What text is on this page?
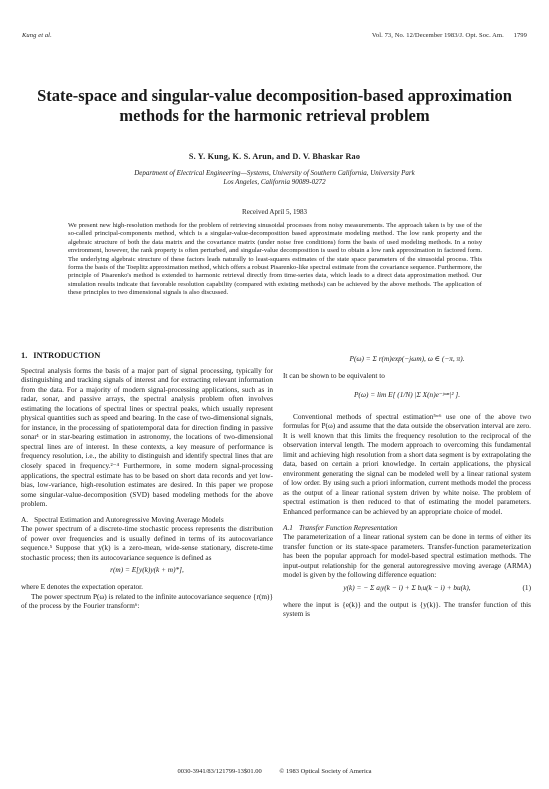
Kung et al.	Vol. 73, No. 12/December 1983/J. Opt. Soc. Am. 1799
State-space and singular-value decomposition-based approximation methods for the harmonic retrieval problem
S. Y. Kung, K. S. Arun, and D. V. Bhaskar Rao
Department of Electrical Engineering—Systems, University of Southern California, University Park
Los Angeles, California 90089-0272
Received April 5, 1983
We present new high-resolution methods for the problem of retrieving sinusoidal processes from noisy measurements. The approach taken is by use of the so-called principal-components method, which is a singular-value-decomposition based approximate modeling method. The low rank property and the algebraic structure of both the data matrix and the covariance matrix (under noise free conditions) form the basis of used modeling methods. In a noisy environment, however, the rank property is often perturbed, and singular-value decomposition is used to obtain a low rank approximation in factored form. The underlying algebraic structure of these factors leads naturally to least-squares estimates of the state space parameters of the sinusoidal process. This forms the basis of the Toeplitz approximation method, which offers a robust Pisarenko-like spectral estimate from the covariance sequence. Furthermore, the principle of Pisarenko's method is extended to harmonic retrieval directly from time-series data, which leads to a direct data approximation method. Our simulation results indicate that favorable resolution capability (compared with existing methods) can be achieved by the above methods. The application of these principles to two dimensional signals is also discussed.
1. INTRODUCTION

Spectral analysis forms the basis of a major part of signal processing, typically for distinguishing and tracking signals of interest and for extracting relevant information from the data. For a majority of modern signal-processing applications, such as in radar, sonar, and passive arrays, the spectral analysis problem often involves estimating the locations of spectral lines or spectral peaks, which usually represent physical quantities such as speed and bearing. In the case of two-dimensional signals, for instance, in the processing of spatiotemporal data for direction finding in passive sonar¹ or in star-bearing estimation in astronomy, the locations of two-dimensional spectral lines are of interest. In these contexts, a key measure of performance is frequency resolution, i.e., the ability to distinguish and identify spectral lines that are closely spaced in frequency.²⁻⁴ Furthermore, in some modern signal-processing applications, the spectral estimate has to be based on short data records and yet low-bias, low-variance, high-resolution estimates are desired. In this paper we propose some singular-value-decomposition (SVD) based modeling methods for the above problem.

A. Spectral Estimation and Autoregressive Moving Average Models

The power spectrum of a discrete-time stochastic process represents the distribution of power over frequencies and is usually defined in terms of its autocovariance sequence.⁵ Suppose that y(k) is a zero-mean, wide-sense stationary, discrete-time stochastic process; then its autocovariance sequence is defined as

r(m) = E[y(k)y(k + m)*],

where E denotes the expectation operator.

The power spectrum P(ω) is related to the infinite autocovariance sequence {r(m)} of the process by the Fourier transform⁶:

P(ω) = Σ r(m)exp(−jωm), ω ∈ (−π, π).

It can be shown to be equivalent to

P(ω) = lim E[ (1/N) |Σ X(n)e⁻ʲᵚⁿ|² ].

Conventional methods of spectral estimation⁵ʷ⁶ use one of the above two formulas for P(ω) and assume that the data outside the observation interval are zero. It is well known that this limits the frequency resolution to the reciprocal of the observation interval length. The modern approach to overcoming this fundamental limit and achieving high resolution from a short data segment is by extrapolating the data, based on certain a priori knowledge. In certain applications, the physical environment generating the signal can be modeled well by a linear rational system of low order. By using such a priori information, current methods model the process as the output of a linear rational system driven by white noise. The problem of spectral estimation is then reduced to that of estimating the model parameters. Enhanced performance can be achieved by an appropriate choice of model.

A.1 Transfer Function Representation

The parameterization of a linear rational system can be done in terms of either its transfer function or its state-space parameters. Transfer-function parameterization has been the popular approach for model-based spectral estimation methods. The input-output relationship for the general autoregressive moving average (ARMA) model is given by the following difference equation:

y(k) = − Σ aᵢy(k − i) + Σ bᵢu(k − i) + bu(k),	(1)

where the input is {e(k)} and the output is {y(k)}. The transfer function of this system is

0030-3941/83/121799-13$01.00	© 1983 Optical Society of America
